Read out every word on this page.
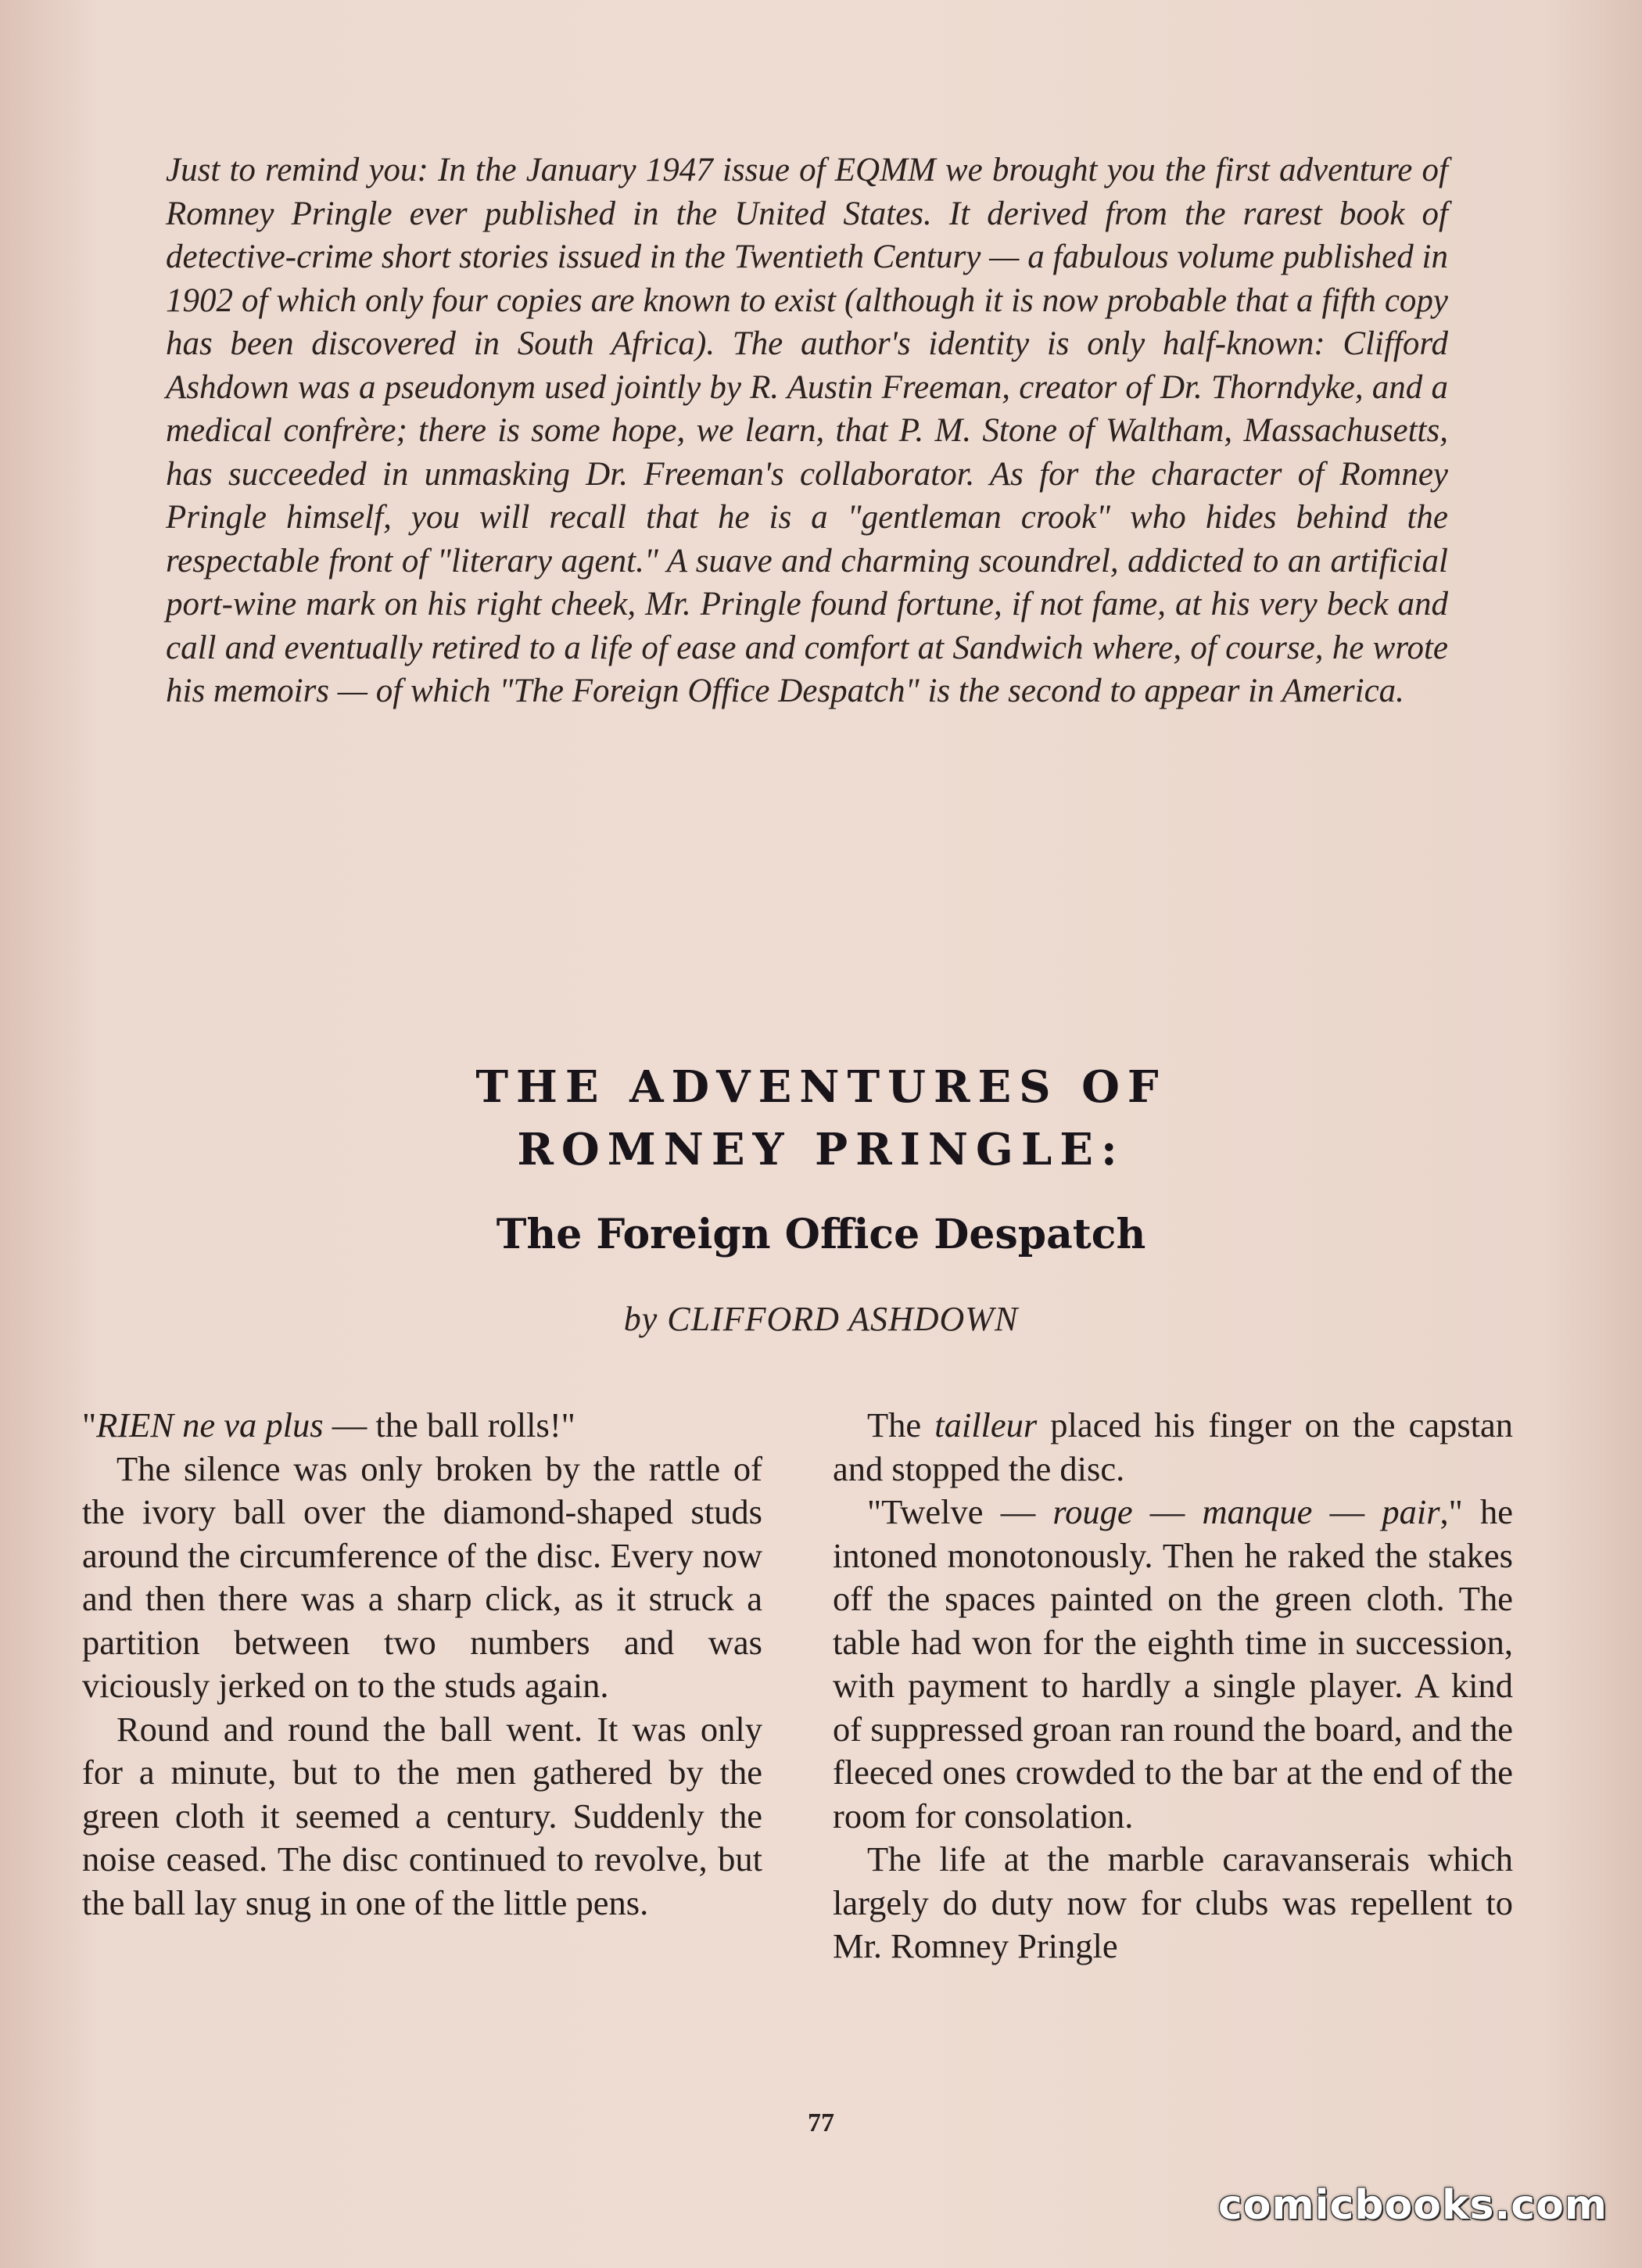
Just to remind you: In the January 1947 issue of EQMM we brought you the first adventure of Romney Pringle ever published in the United States. It derived from the rarest book of detective-crime short stories issued in the Twentieth Century — a fabulous volume published in 1902 of which only four copies are known to exist (although it is now probable that a fifth copy has been discovered in South Africa). The author's identity is only half-known: Clifford Ashdown was a pseudonym used jointly by R. Austin Freeman, creator of Dr. Thorndyke, and a medical confrère; there is some hope, we learn, that P. M. Stone of Waltham, Massachusetts, has succeeded in unmasking Dr. Freeman's collaborator. As for the character of Romney Pringle himself, you will recall that he is a "gentleman crook" who hides behind the respectable front of "literary agent." A suave and charming scoundrel, addicted to an artificial port-wine mark on his right cheek, Mr. Pringle found fortune, if not fame, at his very beck and call and eventually retired to a life of ease and comfort at Sandwich where, of course, he wrote his memoirs — of which "The Foreign Office Despatch" is the second to appear in America.

THE ADVENTURES OF
ROMNEY PRINGLE:
The Foreign Office Despatch
by CLIFFORD ASHDOWN

"RIEN ne va plus — the ball rolls!"

The silence was only broken by the rattle of the ivory ball over the diamond-shaped studs around the circumference of the disc. Every now and then there was a sharp click, as it struck a partition between two numbers and was viciously jerked on to the studs again.

Round and round the ball went. It was only for a minute, but to the men gathered by the green cloth it seemed a century. Suddenly the noise ceased. The disc continued to revolve, but the ball lay snug in one of the little pens.

The tailleur placed his finger on the capstan and stopped the disc.

"Twelve — rouge — manque — pair," he intoned monotonously. Then he raked the stakes off the spaces painted on the green cloth. The table had won for the eighth time in succession, with payment to hardly a single player. A kind of suppressed groan ran round the board, and the fleeced ones crowded to the bar at the end of the room for consolation.

The life at the marble caravanserais which largely do duty now for clubs was repellent to Mr. Romney Pringle

77
comicbooks.com
